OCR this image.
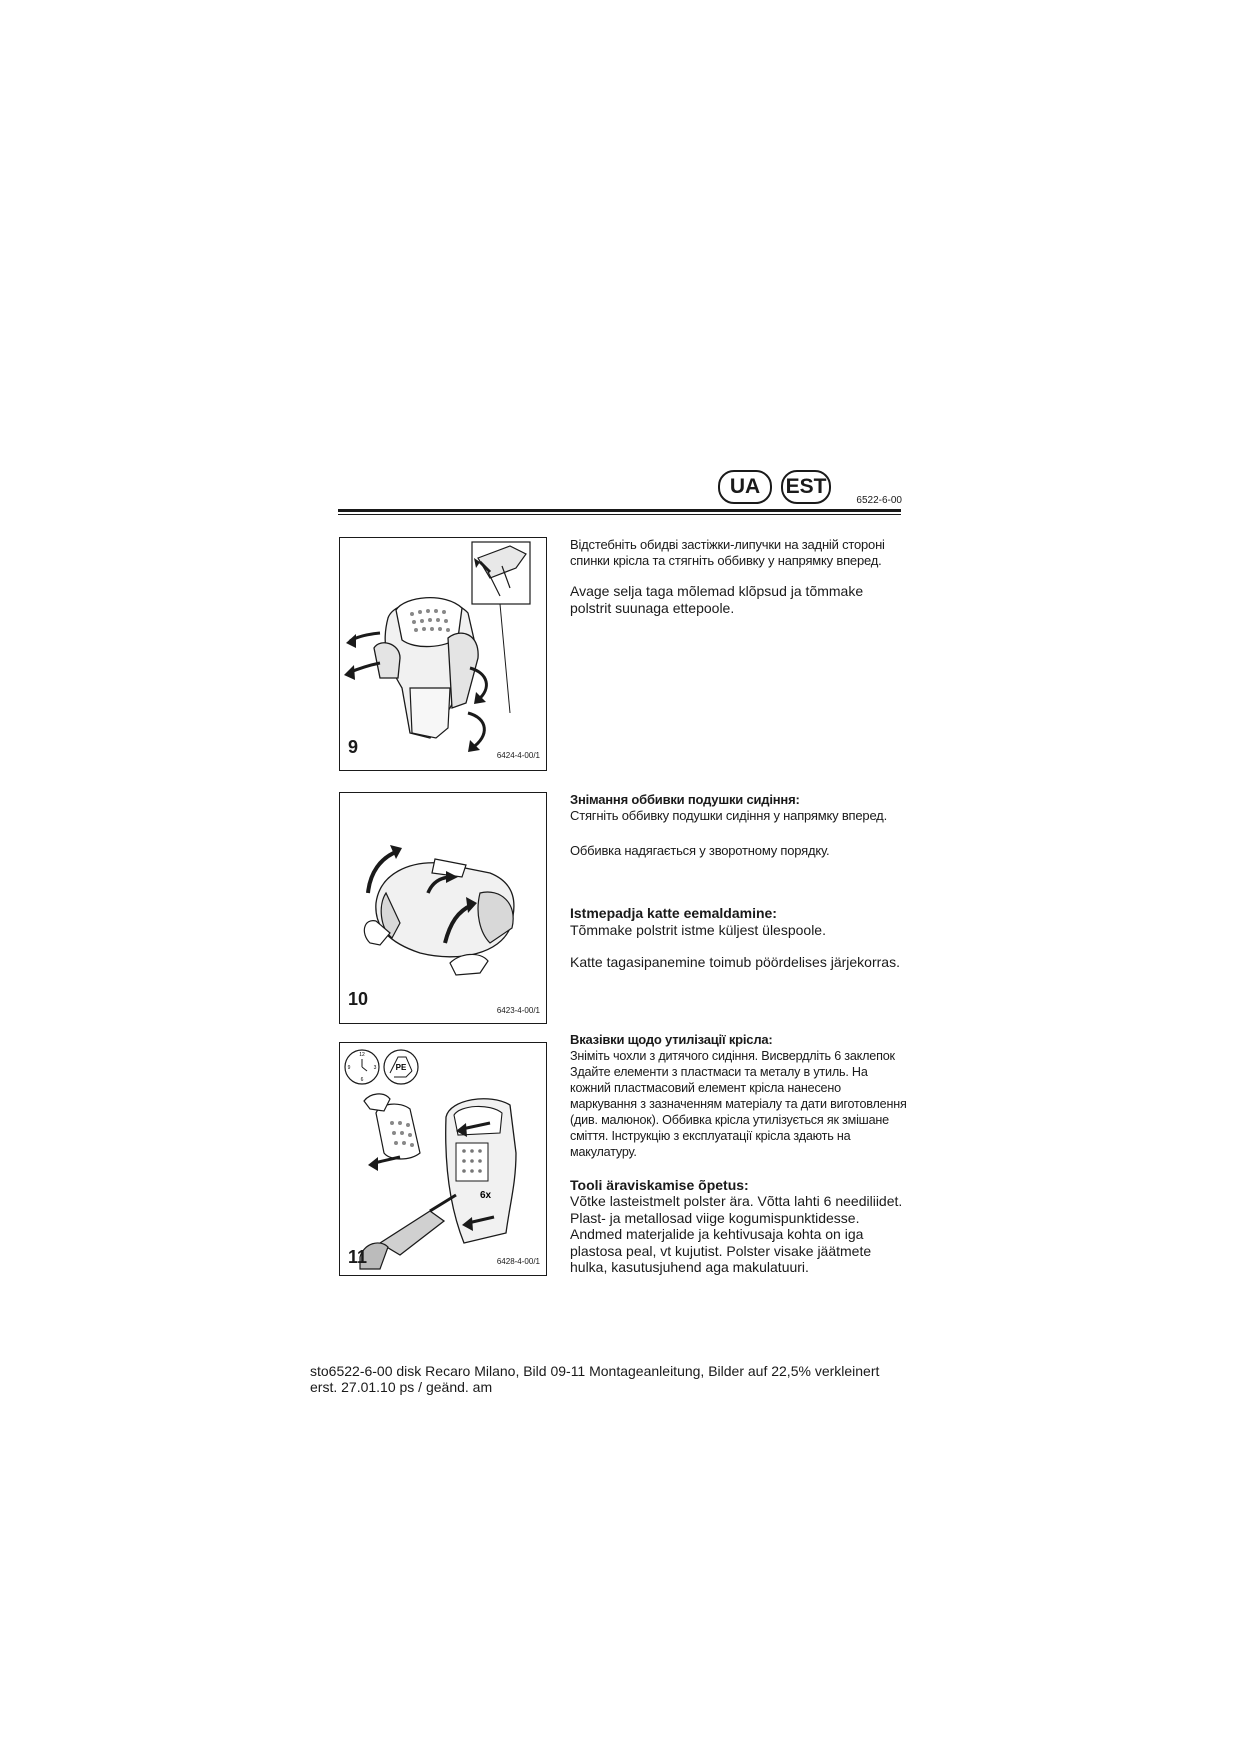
UA	EST
6522-6-00
9	6424-4-00/1
10
6423-4-00/1
12
9	3
6
PE
6x
11	6428-4-00/1
Відстебніть обидві застіжки-липучки на задній стороні спинки крісла та стягніть оббивку у напрямку вперед.
Avage selja taga mõlemad klõpsud ja tõmmake polstrit suunaga ettepoole.
Знімання оббивки подушки сидіння:
Стягніть оббивку подушки сидіння у напрямку вперед.
Оббивка надягається у зворотному порядку.
Istmepadja katte eemaldamine:
Tõmmake polstrit istme küljest ülespoole.
Katte tagasipanemine toimub pöördelises järjekorras.
Вказівки щодо утилізації крісла:
Зніміть чохли з дитячого сидіння. Висвердліть 6 заклепок Здайте елементи з пластмаси та металу в утиль. На кожний пластмасовий елемент крісла нанесено маркування з зазначенням матеріалу та дати виготовлення (див. малюнок). Оббивка крісла утилізується як змішане сміття. Інструкцію з експлуатації крісла здають на макулатуру.
Tooli äraviskamise õpetus:
Võtke lasteistmelt polster ära. Võtta lahti 6 neediliidet. Plast- ja metallosad viige kogumispunktidesse. Andmed materjalide ja kehtivusaja kohta on iga plastosa peal, vt kujutist. Polster visake jäätmete hulka, kasutusjuhend aga makulatuuri.
sto6522-6-00 disk Recaro Milano, Bild 09-11 Montageanleitung, Bilder auf 22,5% verkleinert
erst. 27.01.10 ps / geänd. am
